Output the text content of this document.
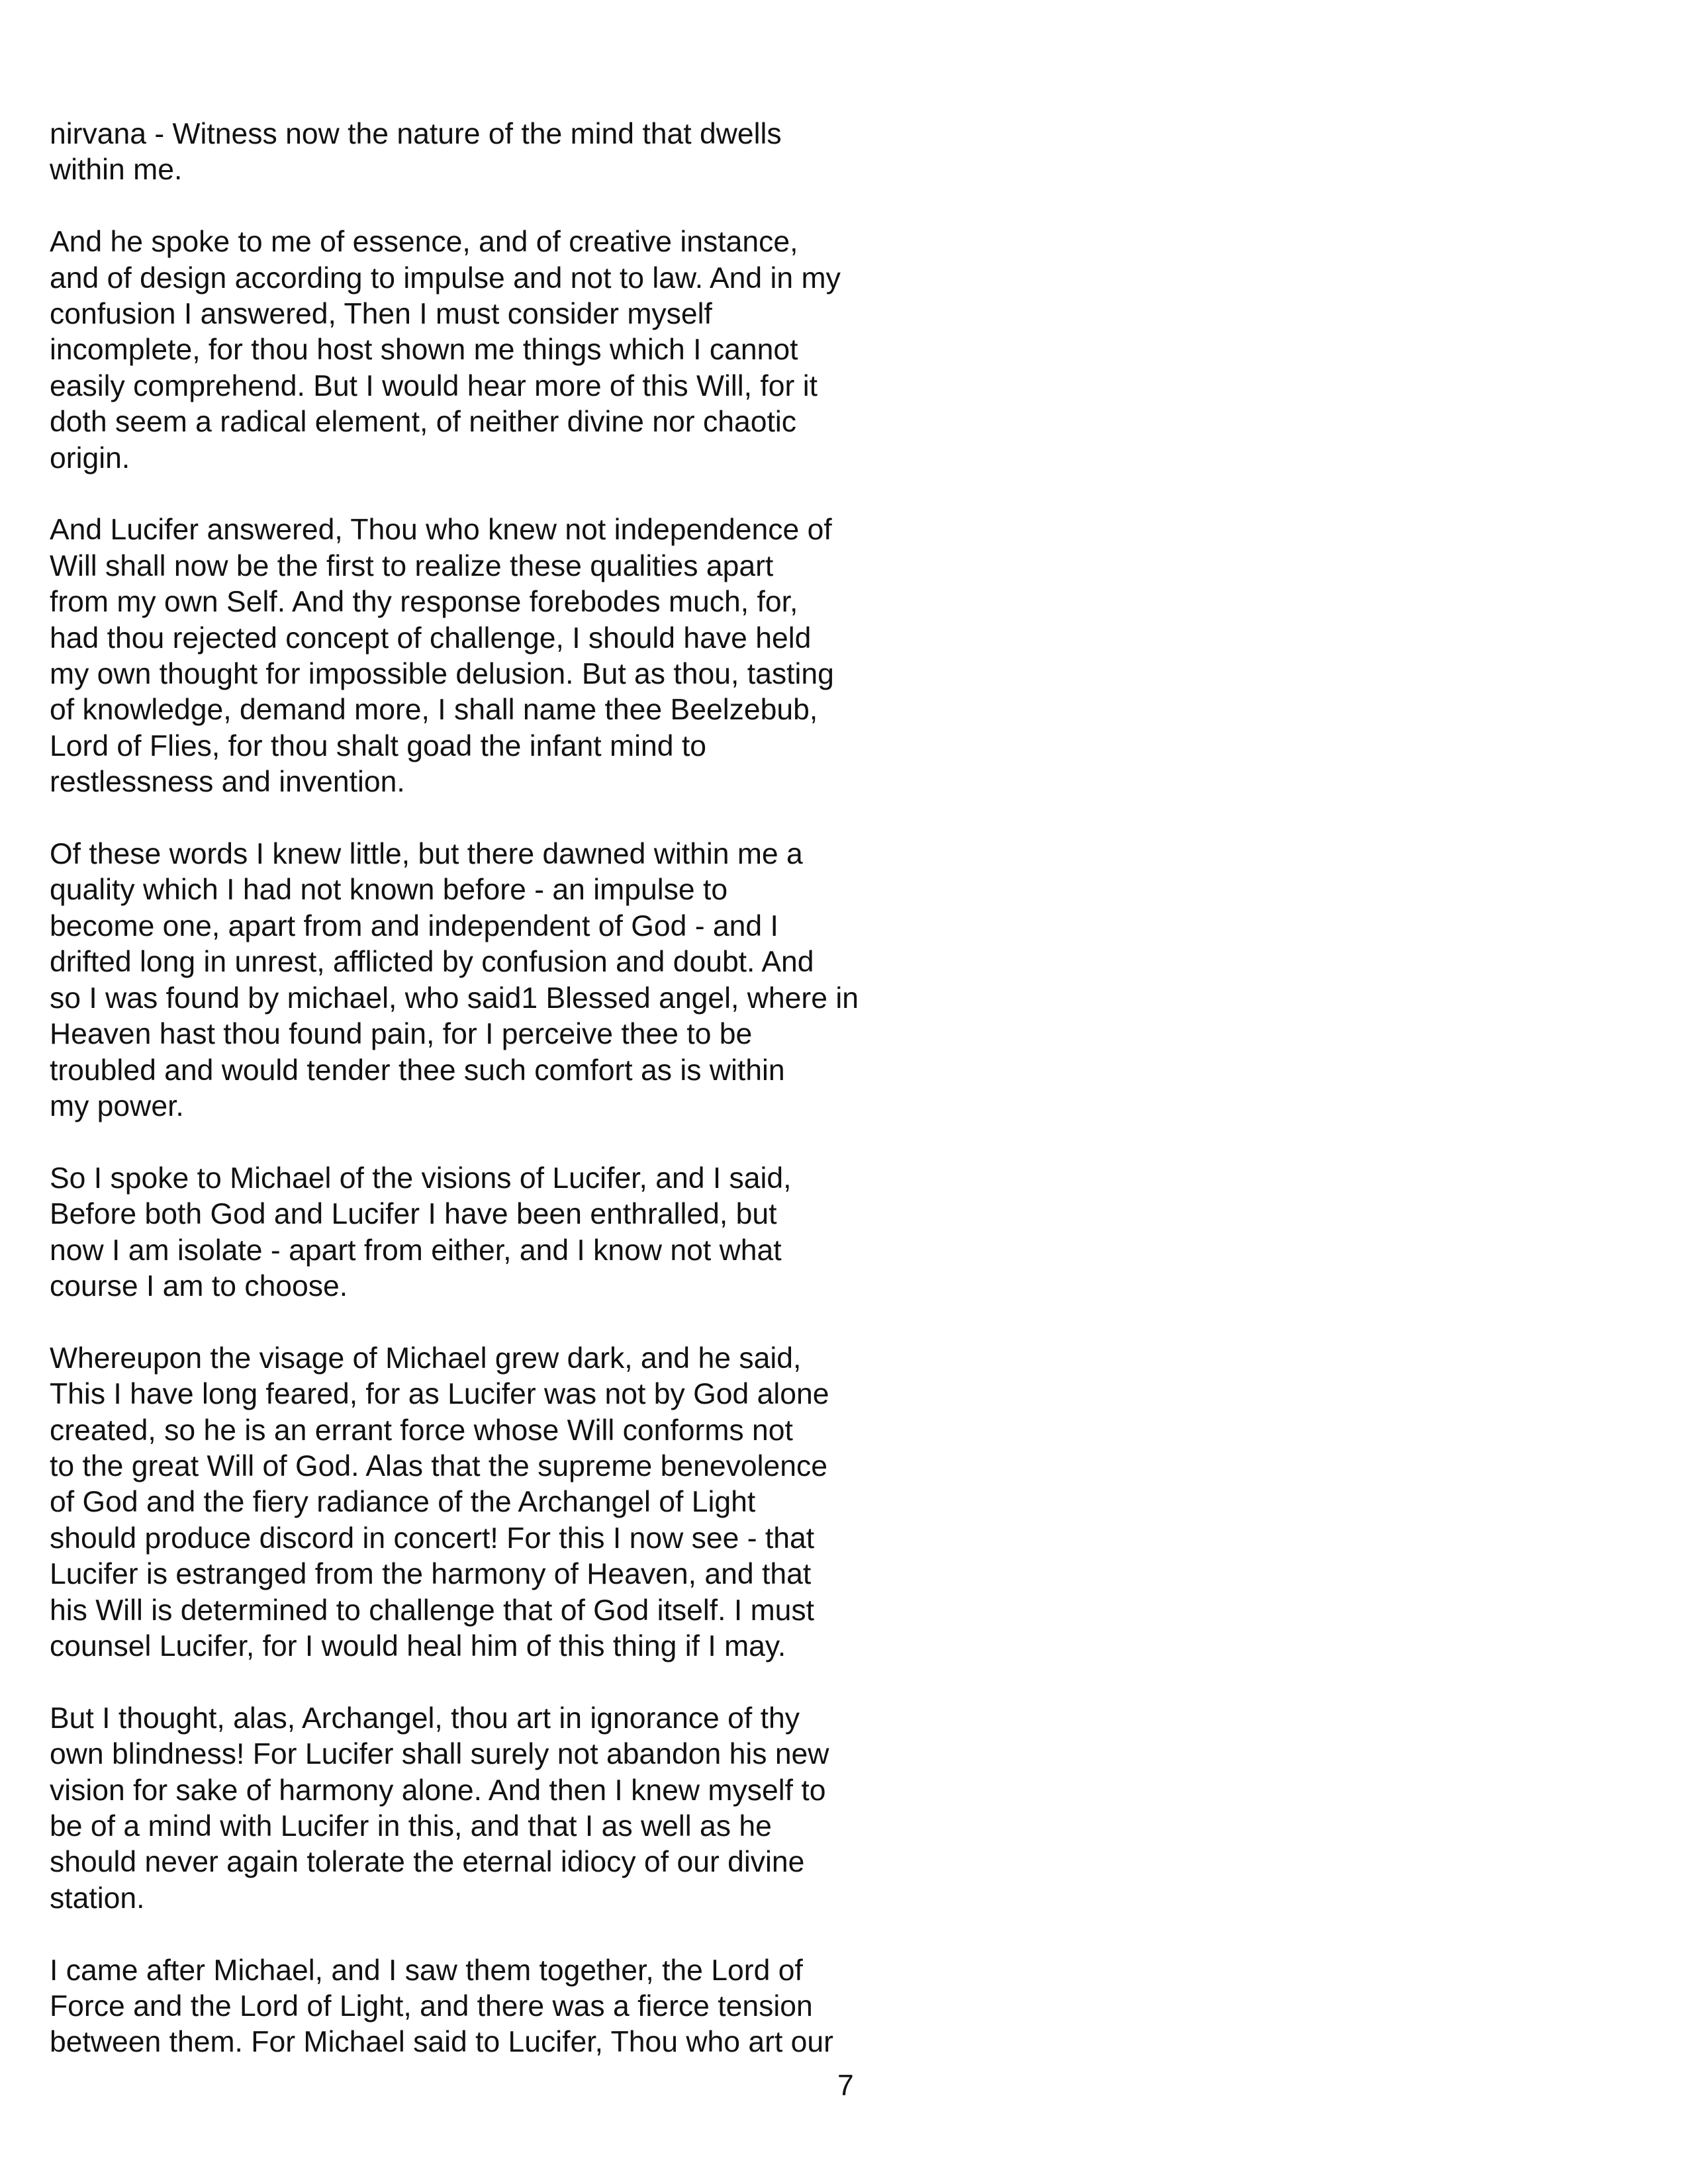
nirvana - Witness now the nature of the mind that dwells
within me.

And he spoke to me of essence, and of creative instance,
and of design according to impulse and not to law. And in my
confusion I answered, Then I must consider myself
incomplete, for thou host shown me things which I cannot
easily comprehend. But I would hear more of this Will, for it
doth seem a radical element, of neither divine nor chaotic
origin.

And Lucifer answered, Thou who knew not independence of
Will shall now be the first to realize these qualities apart
from my own Self. And thy response forebodes much, for,
had thou rejected concept of challenge, I should have held
my own thought for impossible delusion. But as thou, tasting
of knowledge, demand more, I shall name thee Beelzebub,
Lord of Flies, for thou shalt goad the infant mind to
restlessness and invention.

Of these words I knew little, but there dawned within me a
quality which I had not known before - an impulse to
become one, apart from and independent of God - and I
drifted long in unrest, afflicted by confusion and doubt. And
so I was found by michael, who said1 Blessed angel, where in
Heaven hast thou found pain, for I perceive thee to be
troubled and would tender thee such comfort as is within
my power.

So I spoke to Michael of the visions of Lucifer, and I said,
Before both God and Lucifer I have been enthralled, but
now I am isolate - apart from either, and I know not what
course I am to choose.

Whereupon the visage of Michael grew dark, and he said,
This I have long feared, for as Lucifer was not by God alone
created, so he is an errant force whose Will conforms not
to the great Will of God. Alas that the supreme benevolence
of God and the fiery radiance of the Archangel of Light
should produce discord in concert! For this I now see - that
Lucifer is estranged from the harmony of Heaven, and that
his Will is determined to challenge that of God itself. I must
counsel Lucifer, for I would heal him of this thing if I may.

But I thought, alas, Archangel, thou art in ignorance of thy
own blindness! For Lucifer shall surely not abandon his new
vision for sake of harmony alone. And then I knew myself to
be of a mind with Lucifer in this, and that I as well as he
should never again tolerate the eternal idiocy of our divine
station.

I came after Michael, and I saw them together, the Lord of
Force and the Lord of Light, and there was a fierce tension
between them. For Michael said to Lucifer, Thou who art our

7
